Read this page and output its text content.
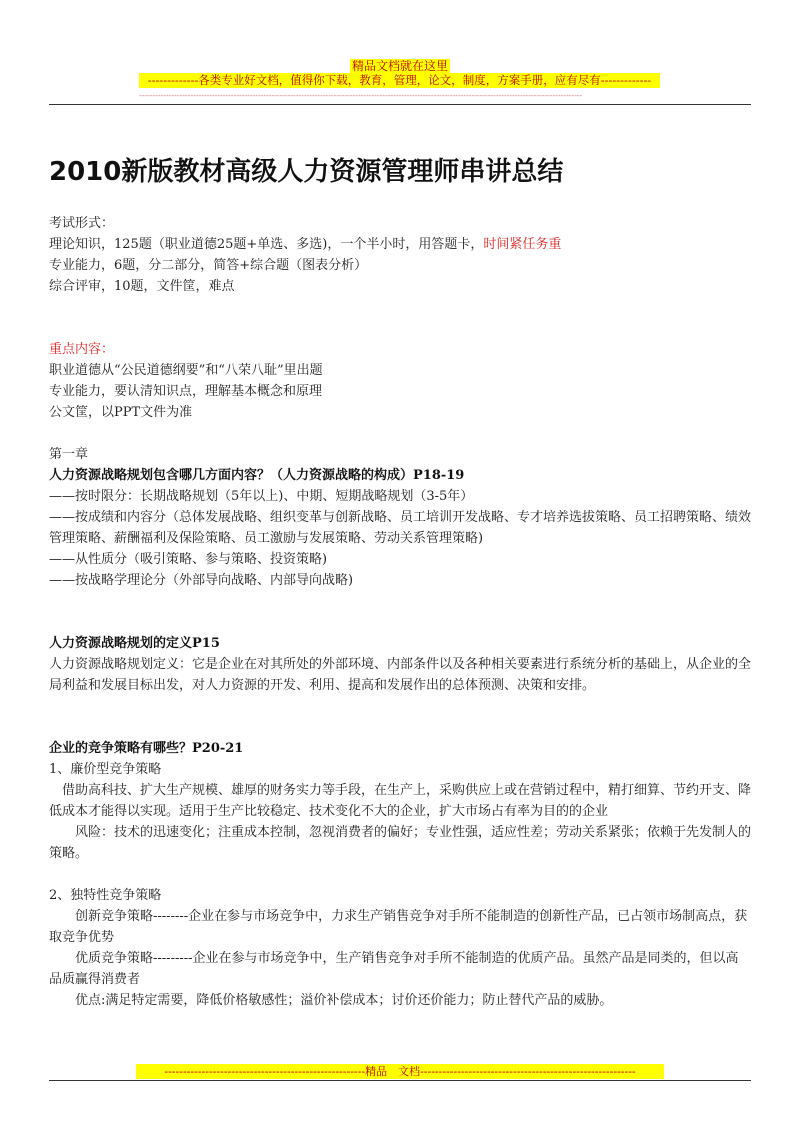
精品文档就在这里
-------------各类专业好文档，值得你下载，教育，管理，论文，制度，方案手册，应有尽有-------------
--------------------------------------------------------------------------------------------------------------------------------------------------------------------
2010新版教材高级人力资源管理师串讲总结

考试形式：

理论知识，125题（职业道德25题+单选、多选)，一个半小时，用答题卡，时间紧任务重

专业能力，6题，分二部分，简答+综合题（图表分析）

综合评审，10题，文件筐，难点

重点内容：

职业道德从“公民道德纲要”和“八荣八耻”里出题

专业能力，要认清知识点，理解基本概念和原理

公文筐，以PPT文件为准

第一章

人力资源战略规划包含哪几方面内容？（人力资源战略的构成）P18-19

——按时限分：长期战略规划（5年以上)、中期、短期战略规划（3-5年）

——按成绩和内容分（总体发展战略、组织变革与创新战略、员工培训开发战略、专才培养选拔策略、员工招聘策略、绩效管理策略、薪酬福利及保险策略、员工激励与发展策略、劳动关系管理策略)

——从性质分（吸引策略、参与策略、投资策略)

——按战略学理论分（外部导向战略、内部导向战略)

人力资源战略规划的定义P15

人力资源战略规划定义：它是企业在对其所处的外部环境、内部条件以及各种相关要素进行系统分析的基础上，从企业的全局利益和发展目标出发，对人力资源的开发、利用、提高和发展作出的总体预测、决策和安排。

企业的竞争策略有哪些？P20-21

1、廉价型竞争策略

借助高科技、扩大生产规模、雄厚的财务实力等手段，在生产上，采购供应上或在营销过程中，精打细算、节约开支、降低成本才能得以实现。适用于生产比较稳定、技术变化不大的企业，扩大市场占有率为目的的企业

风险：技术的迅速变化；注重成本控制，忽视消费者的偏好；专业性强，适应性差；劳动关系紧张；依赖于先发制人的策略。

2、独特性竞争策略

创新竞争策略--------企业在参与市场竞争中，力求生产销售竞争对手所不能制造的创新性产品，已占领市场制高点，获取竞争优势

优质竞争策略---------企业在参与市场竞争中，生产销售竞争对手所不能制造的优质产品。虽然产品是同类的，但以高品质赢得消费者

优点:满足特定需要，降低价格敏感性；溢价补偿成本；讨价还价能力；防止替代产品的威胁。

------------------------------------------------------精品　文档----------------------------------------------------------
